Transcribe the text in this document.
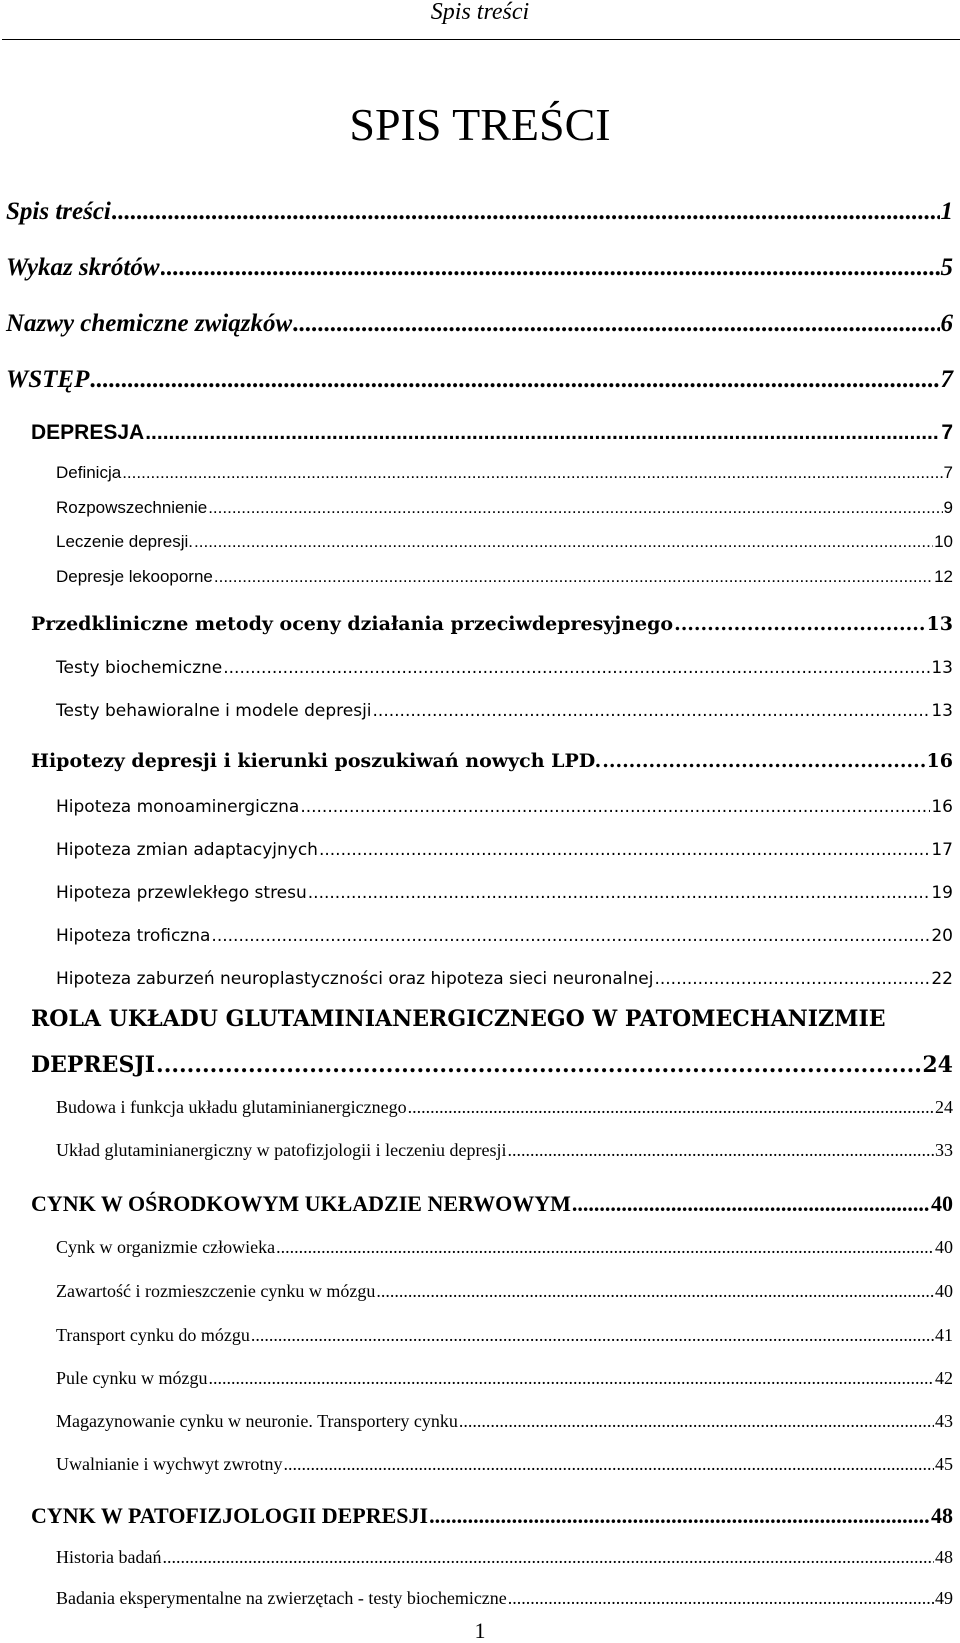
Spis treści
SPIS TREŚCI
Spis treści .....	1
Wykaz skrótów .....	5
Nazwy chemiczne związków .....	6
WSTĘP .....	7
DEPRESJA .....	7
Definicja .....	7
Rozpowszechnienie .....	9
Leczenie depresji. .....	10
Depresje lekooporne .....	12
Przedkliniczne metody oceny działania przeciwdepresyjnego .....	13
Testy biochemiczne .....	13
Testy behawioralne i modele depresji .....	13
Hipotezy depresji i kierunki poszukiwań nowych LPD. .....	16
Hipoteza monoaminergiczna .....	16
Hipoteza zmian adaptacyjnych .....	17
Hipoteza przewlekłego stresu .....	19
Hipoteza troficzna .....	20
Hipoteza zaburzeń neuroplastyczności oraz hipoteza sieci neuronalnej .....	22
ROLA UKŁADU GLUTAMINIANERGICZNEGO W PATOMECHANIZMIE
DEPRESJI .....	24
Budowa i funkcja układu glutaminianergicznego .....	24
Układ glutaminianergiczny w patofizjologii i leczeniu depresji .....	33
CYNK W OŚRODKOWYM UKŁADZIE NERWOWYM .....	40
Cynk w organizmie człowieka .....	40
Zawartość i rozmieszczenie cynku w mózgu .....	40
Transport cynku do mózgu .....	41
Pule cynku w mózgu .....	42
Magazynowanie cynku w neuronie. Transportery cynku .....	43
Uwalnianie i wychwyt zwrotny .....	45
CYNK W PATOFIZJOLOGII DEPRESJI .....	48
Historia badań .....	48
Badania eksperymentalne na zwierzętach - testy biochemiczne .....	49
1
